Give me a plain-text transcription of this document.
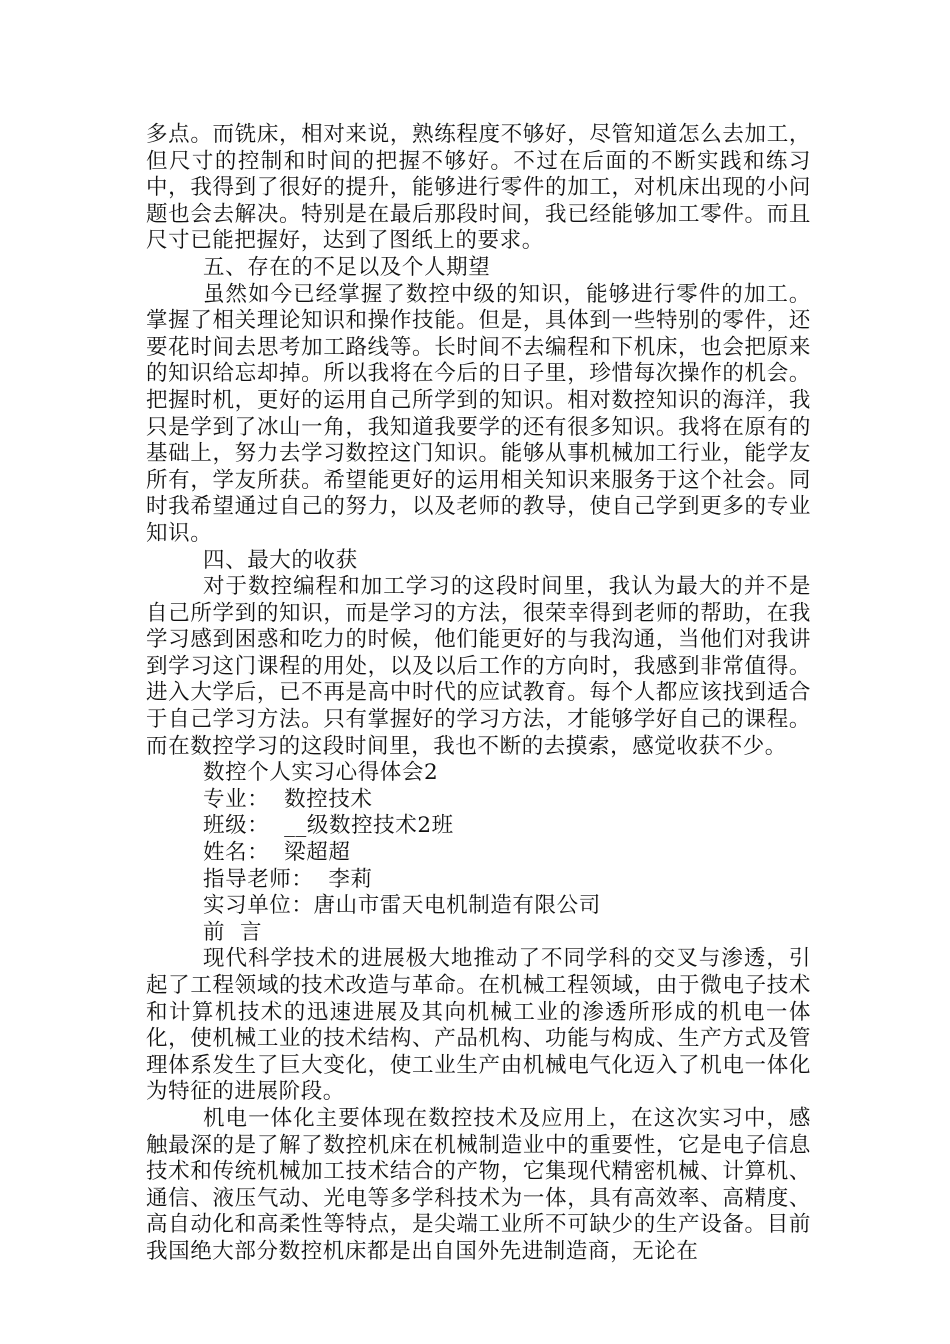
多点。而铣床，相对来说，熟练程度不够好，尽管知道怎么去加工，但尺寸的控制和时间的把握不够好。不过在后面的不断实践和练习中，我得到了很好的提升，能够进行零件的加工，对机床出现的小问题也会去解决。特别是在最后那段时间，我已经能够加工零件。而且尺寸已能把握好，达到了图纸上的要求。

五、存在的不足以及个人期望

虽然如今已经掌握了数控中级的知识，能够进行零件的加工。掌握了相关理论知识和操作技能。但是，具体到一些特别的零件，还要花时间去思考加工路线等。长时间不去编程和下机床，也会把原来的知识给忘却掉。所以我将在今后的日子里，珍惜每次操作的机会。把握时机，更好的运用自己所学到的知识。相对数控知识的海洋，我只是学到了冰山一角，我知道我要学的还有很多知识。我将在原有的基础上，努力去学习数控这门知识。能够从事机械加工行业，能学友所有，学友所获。希望能更好的运用相关知识来服务于这个社会。同时我希望通过自己的努力，以及老师的教导，使自己学到更多的专业知识。

四、最大的收获

对于数控编程和加工学习的这段时间里，我认为最大的并不是自己所学到的知识，而是学习的方法，很荣幸得到老师的帮助，在我学习感到困惑和吃力的时候，他们能更好的与我沟通，当他们对我讲到学习这门课程的用处，以及以后工作的方向时，我感到非常值得。进入大学后，已不再是高中时代的应试教育。每个人都应该找到适合于自己学习方法。只有掌握好的学习方法，才能够学好自己的课程。而在数控学习的这段时间里，我也不断的去摸索，感觉收获不少。

数控个人实习心得体会2

专业：  数控技术

班级：  __级数控技术2班

姓名：  梁超超

指导老师：  李莉

实习单位：唐山市雷天电机制造有限公司

前  言

现代科学技术的进展极大地推动了不同学科的交叉与渗透，引起了工程领域的技术改造与革命。在机械工程领域，由于微电子技术和计算机技术的迅速进展及其向机械工业的渗透所形成的机电一体化，使机械工业的技术结构、产品机构、功能与构成、生产方式及管理体系发生了巨大变化，使工业生产由机械电气化迈入了机电一体化为特征的进展阶段。

机电一体化主要体现在数控技术及应用上，在这次实习中，感触最深的是了解了数控机床在机械制造业中的重要性，它是电子信息技术和传统机械加工技术结合的产物，它集现代精密机械、计算机、通信、液压气动、光电等多学科技术为一体，具有高效率、高精度、高自动化和高柔性等特点，是尖端工业所不可缺少的生产设备。目前我国绝大部分数控机床都是出自国外先进制造商，无论在
